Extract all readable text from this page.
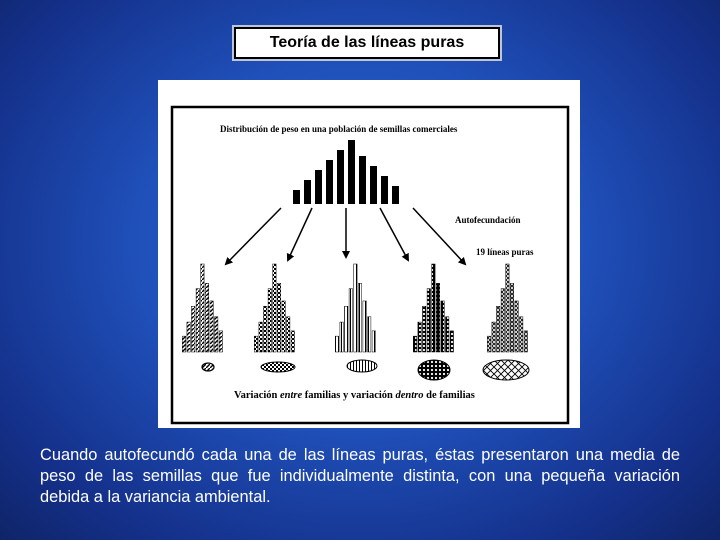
Teoría de las líneas puras
Distribución de peso en una población de semillas comerciales
Autofecundación
19 líneas puras
Variación entre familias y variación dentro de familias
Cuando autofecundó cada una de las líneas puras, éstas presentaron una media de peso de las semillas que fue individualmente distinta, con una pequeña variación debida a la variancia ambiental.
